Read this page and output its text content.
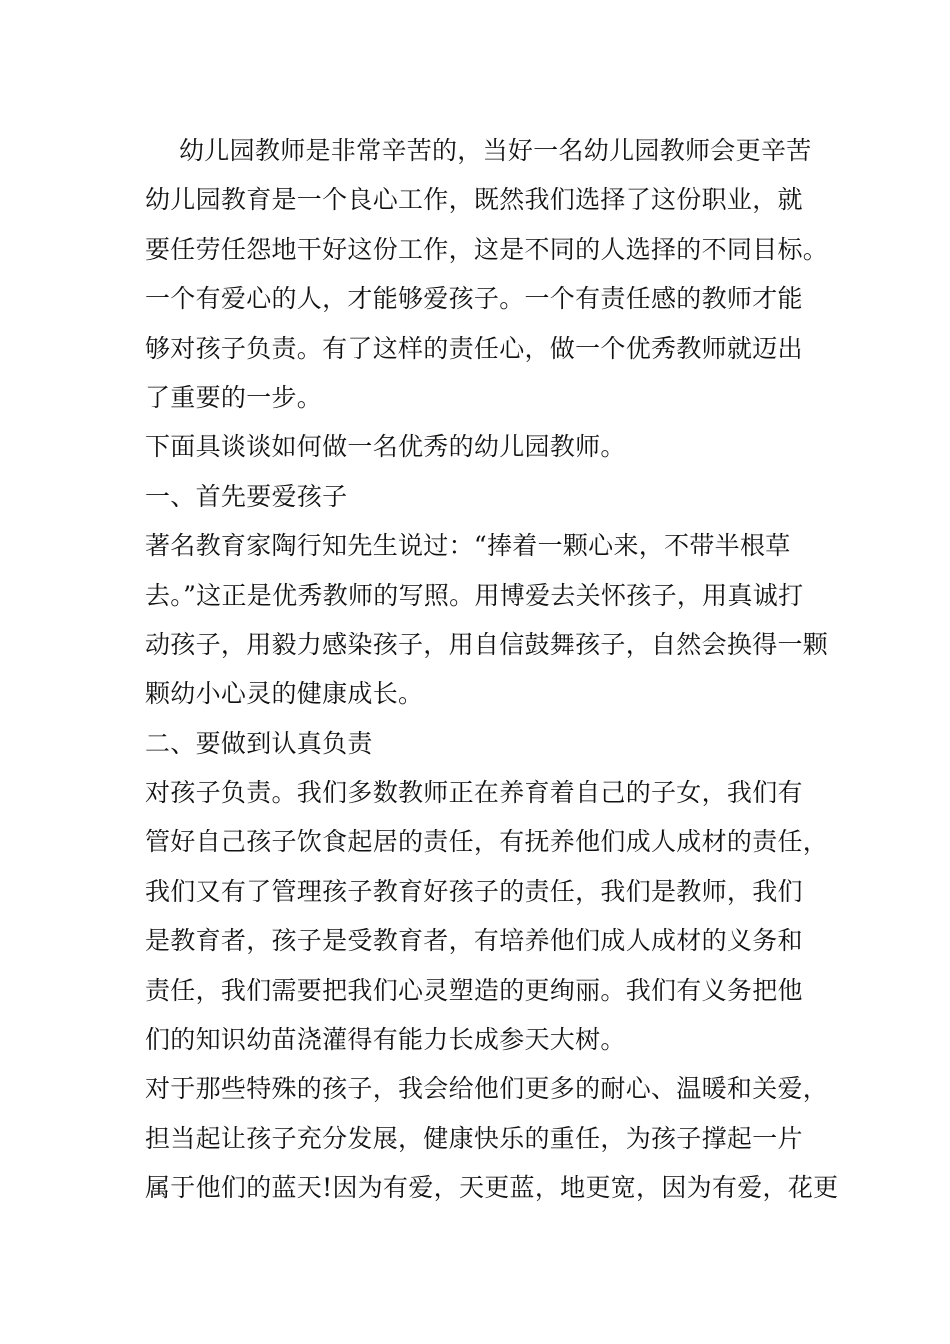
幼儿园教师是非常辛苦的，当好一名幼儿园教师会更辛苦
幼儿园教育是一个良心工作，既然我们选择了这份职业，就
要任劳任怨地干好这份工作，这是不同的人选择的不同目标。
一个有爱心的人，才能够爱孩子。一个有责任感的教师才能
够对孩子负责。有了这样的责任心，做一个优秀教师就迈出
了重要的一步。
下面具谈谈如何做一名优秀的幼儿园教师。
一、首先要爱孩子
著名教育家陶行知先生说过：“捧着一颗心来，不带半根草
去。”这正是优秀教师的写照。用博爱去关怀孩子，用真诚打
动孩子，用毅力感染孩子，用自信鼓舞孩子，自然会换得一颗
颗幼小心灵的健康成长。
二、要做到认真负责
对孩子负责。我们多数教师正在养育着自己的子女，我们有
管好自己孩子饮食起居的责任，有抚养他们成人成材的责任，
我们又有了管理孩子教育好孩子的责任，我们是教师，我们
是教育者，孩子是受教育者，有培养他们成人成材的义务和
责任，我们需要把我们心灵塑造的更绚丽。我们有义务把他
们的知识幼苗浇灌得有能力长成参天大树。
对于那些特殊的孩子，我会给他们更多的耐心、温暖和关爱，
担当起让孩子充分发展，健康快乐的重任，为孩子撑起一片
属于他们的蓝天!因为有爱，天更蓝，地更宽，因为有爱，花更
